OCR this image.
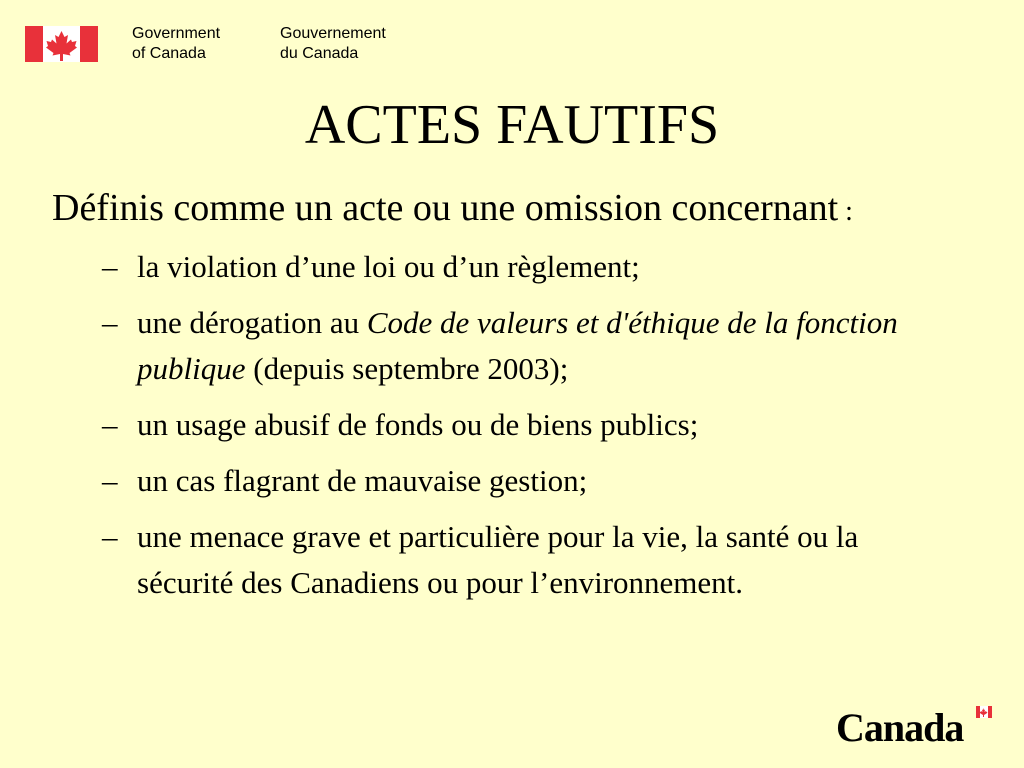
Government
of Canada
Gouvernement
du Canada
ACTES FAUTIFS

Définis comme un acte ou une omission concernant :

– la violation d’une loi ou d’un règlement;
– une dérogation au Code de valeurs et d'éthique de la fonction publique (depuis septembre 2003);
– un usage abusif de fonds ou de biens publics;
– un cas flagrant de mauvaise gestion;
– une menace grave et particulière pour la vie, la santé ou la sécurité des Canadiens ou pour l’environnement.
Canada
